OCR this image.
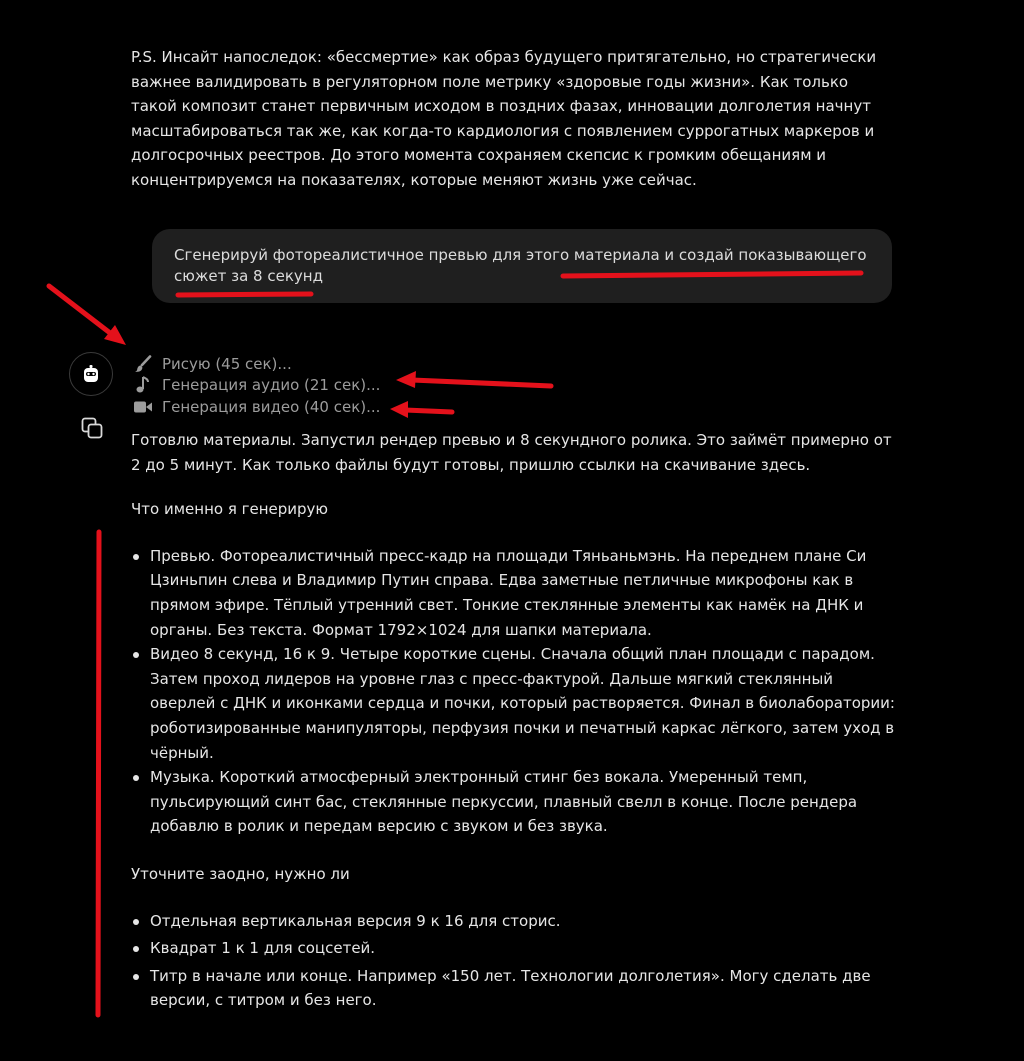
P.S. Инсайт напоследок: «бессмертие» как образ будущего притягательно, но стратегически важнее валидировать в регуляторном поле метрику «здоровые годы жизни». Как только такой композит станет первичным исходом в поздних фазах, инновации долголетия начнут масштабироваться так же, как когда-то кардиология с появлением суррогатных маркеров и долгосрочных реестров. До этого момента сохраняем скепсис к громким обещаниям и концентрируемся на показателях, которые меняют жизнь уже сейчас.
Сгенерируй фотореалистичное превью для этого материала и создай показывающего
сюжет за 8 секунд
Рисую (45 сек)...
Генерация аудио (21 сек)...
Генерация видео (40 сек)...

Готовлю материалы. Запустил рендер превью и 8 секундного ролика. Это займёт примерно от 2 до 5 минут. Как только файлы будут готовы, пришлю ссылки на скачивание здесь.

Что именно я генерирую

Превью. Фотореалистичный пресс-кадр на площади Тяньаньмэнь. На переднем плане Си Цзиньпин слева и Владимир Путин справа. Едва заметные петличные микрофоны как в прямом эфире. Тёплый утренний свет. Тонкие стеклянные элементы как намёк на ДНК и органы. Без текста. Формат 1792×1024 для шапки материала.
Видео 8 секунд, 16 к 9. Четыре короткие сцены. Сначала общий план площади с парадом. Затем проход лидеров на уровне глаз с пресс-фактурой. Дальше мягкий стеклянный оверлей с ДНК и иконками сердца и почки, который растворяется. Финал в биолаборатории: роботизированные манипуляторы, перфузия почки и печатный каркас лёгкого, затем уход в чёрный.
Музыка. Короткий атмосферный электронный стинг без вокала. Умеренный темп, пульсирующий синт бас, стеклянные перкуссии, плавный свелл в конце. После рендера добавлю в ролик и передам версию с звуком и без звука.

Уточните заодно, нужно ли

Отдельная вертикальная версия 9 к 16 для сторис.
Квадрат 1 к 1 для соцсетей.
Титр в начале или конце. Например «150 лет. Технологии долголетия». Могу сделать две версии, с титром и без него.
